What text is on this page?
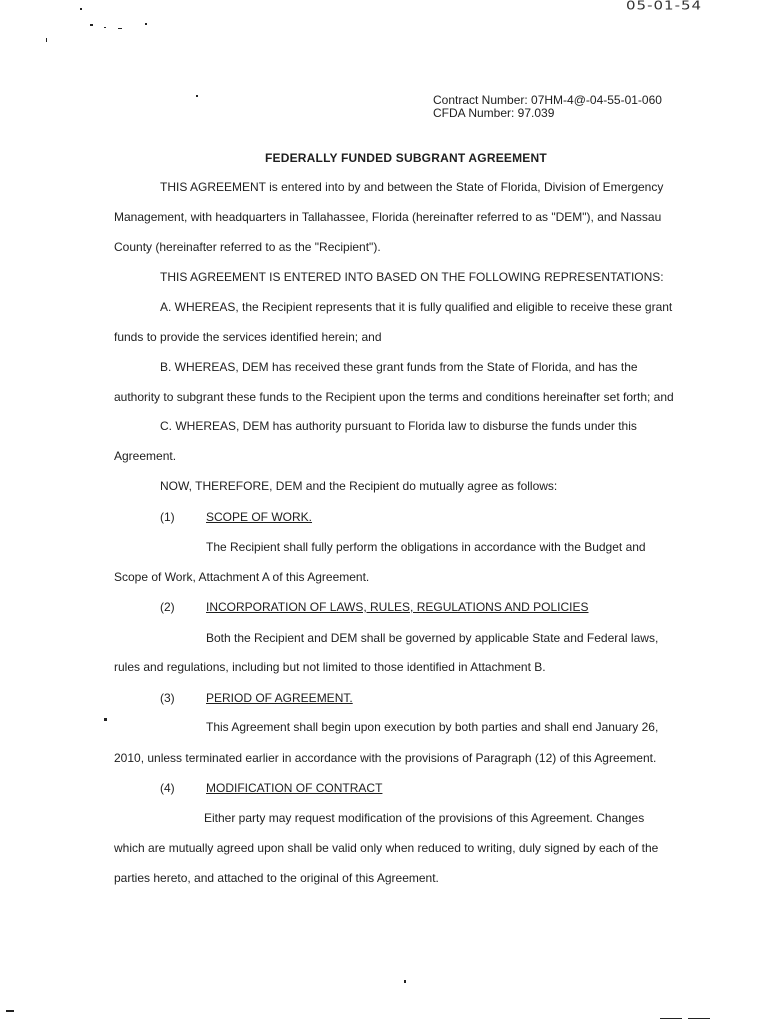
05-01-54
Contract Number: 07HM-4@-04-55-01-060
CFDA Number: 97.039
FEDERALLY FUNDED SUBGRANT AGREEMENT
THIS AGREEMENT is entered into by and between the State of Florida, Division of Emergency
Management, with headquarters in Tallahassee, Florida (hereinafter referred to as "DEM"), and Nassau
County (hereinafter referred to as the "Recipient").
THIS AGREEMENT IS ENTERED INTO BASED ON THE FOLLOWING REPRESENTATIONS:
A. WHEREAS, the Recipient represents that it is fully qualified and eligible to receive these grant
funds to provide the services identified herein; and
B. WHEREAS, DEM has received these grant funds from the State of Florida, and has the
authority to subgrant these funds to the Recipient upon the terms and conditions hereinafter set forth; and
C. WHEREAS, DEM has authority pursuant to Florida law to disburse the funds under this
Agreement.
NOW, THEREFORE, DEM and the Recipient do mutually agree as follows:
(1)	SCOPE OF WORK.
The Recipient shall fully perform the obligations in accordance with the Budget and
Scope of Work, Attachment A of this Agreement.
(2)	INCORPORATION OF LAWS, RULES, REGULATIONS AND POLICIES
Both the Recipient and DEM shall be governed by applicable State and Federal laws,
rules and regulations, including but not limited to those identified in Attachment B.
(3)	PERIOD OF AGREEMENT.
This Agreement shall begin upon execution by both parties and shall end January 26,
2010, unless terminated earlier in accordance with the provisions of Paragraph (12) of this Agreement.
(4)	MODIFICATION OF CONTRACT
Either party may request modification of the provisions of this Agreement. Changes
which are mutually agreed upon shall be valid only when reduced to writing, duly signed by each of the
parties hereto, and attached to the original of this Agreement.
